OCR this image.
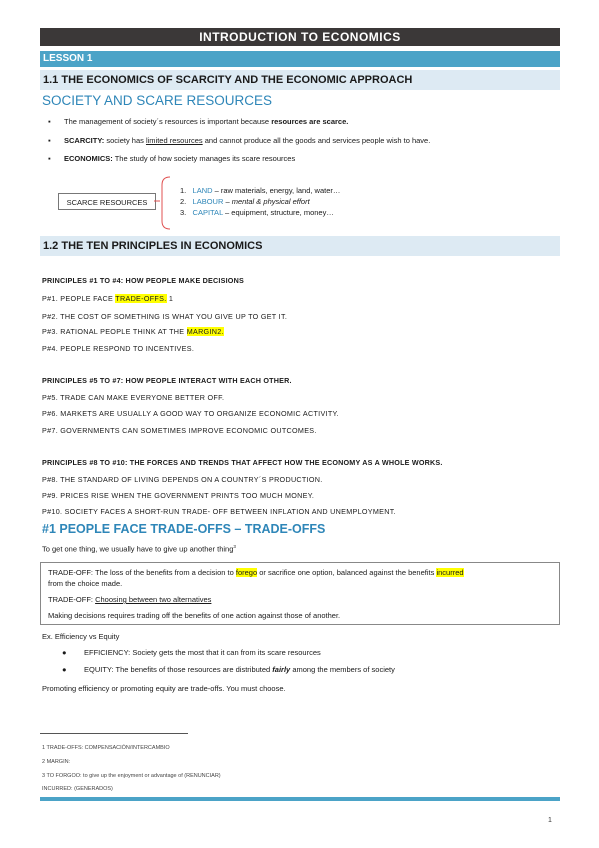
INTRODUCTION TO ECONOMICS
LESSON 1
1.1 THE ECONOMICS OF SCARCITY AND THE ECONOMIC APPROACH
SOCIETY AND SCARE RESOURCES
▪ The management of society´s resources is important because resources are scarce.
▪ SCARCITY: society has limited resources and cannot produce all the goods and services people wish to have.
▪ ECONOMICS: The study of how society manages its scare resources
SCARCE RESOURCES
1. LAND – raw materials, energy, land, water…
2. LABOUR – mental & physical effort
3. CAPITAL – equipment, structure, money…
1.2 THE TEN PRINCIPLES IN ECONOMICS
PRINCIPLES #1 TO #4: HOW PEOPLE MAKE DECISIONS
P#1. PEOPLE FACE TRADE-OFFS. 1
P#2. THE COST OF SOMETHING IS WHAT YOU GIVE UP TO GET IT.
P#3. RATIONAL PEOPLE THINK AT THE MARGIN2.
P#4. PEOPLE RESPOND TO INCENTIVES.
PRINCIPLES #5 TO #7: HOW PEOPLE INTERACT WITH EACH OTHER.
P#5. TRADE CAN MAKE EVERYONE BETTER OFF.
P#6. MARKETS ARE USUALLY A GOOD WAY TO ORGANIZE ECONOMIC ACTIVITY.
P#7. GOVERNMENTS CAN SOMETIMES IMPROVE ECONOMIC OUTCOMES.
PRINCIPLES #8 TO #10: THE FORCES AND TRENDS THAT AFFECT HOW THE ECONOMY AS A WHOLE WORKS.
P#8. THE STANDARD OF LIVING DEPENDS ON A COUNTRY´S PRODUCTION.
P#9. PRICES RISE WHEN THE GOVERNMENT PRINTS TOO MUCH MONEY.
P#10. SOCIETY FACES A SHORT-RUN TRADE- OFF BETWEEN INFLATION AND UNEMPLOYMENT.
#1 PEOPLE FACE TRADE-OFFS – TRADE-OFFS
To get one thing, we usually have to give up another thing$^3$
TRADE-OFF: The loss of the benefits from a decision to forego or sacrifice one option, balanced against the benefits incurred
from the choice made.
TRADE-OFF: Choosing between two alternatives
Making decisions requires trading off the benefits of one action against those of another.
Ex. Efficiency vs Equity
● EFFICIENCY: Society gets the most that it can from its scare resources
● EQUITY: The benefits of those resources are distributed fairly among the members of society
Promoting efficiency or promoting equity are trade-offs. You must choose.
1 TRADE-OFFS: COMPENSACIÓN/INTERCAMBIO
2 MARGIN:
3 TO FORGOO: to give up the enjoyment or advantage of (RENUNCIAR)
INCURRED: (GENERADOS)
1
